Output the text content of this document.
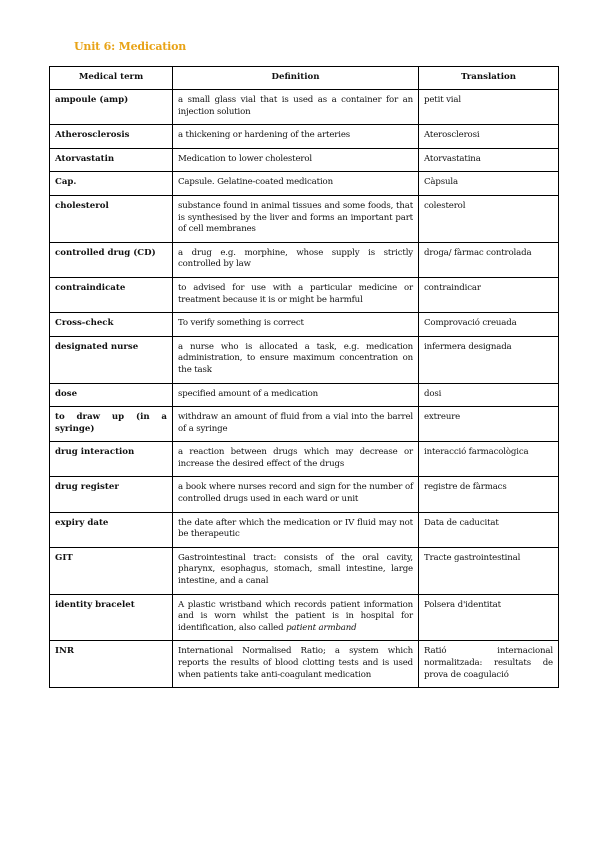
Unit 6: Medication
Medical term	Definition	Translation
ampoule (amp)	a small glass vial that is used as a container for an injection solution	petit vial
Atherosclerosis	a thickening or hardening of the arteries	Aterosclerosi
Atorvastatin	Medication to lower cholesterol	Atorvastatina
Cap.	Capsule. Gelatine-coated medication	Càpsula
cholesterol	substance found in animal tissues and some foods, that is synthesised by the liver and forms an important part of cell membranes	colesterol
controlled drug (CD)	a drug e.g. morphine, whose supply is strictly controlled by law	droga/ fàrmac controlada
contraindicate	to advised for use with a particular medicine or treatment because it is or might be harmful	contraindicar
Cross-check	To verify something is correct	Comprovació creuada
designated nurse	a nurse who is allocated a task, e.g. medication administration, to ensure maximum concentration on the task	infermera designada
dose	specified amount of a medication	dosi
to draw up (in a syringe)	withdraw an amount of fluid from a vial into the barrel of a syringe	extreure
drug interaction	a reaction between drugs which may decrease or increase the desired effect of the drugs	interacció farmacològica
drug register	a book where nurses record and sign for the number of controlled drugs used in each ward or unit	registre de fàrmacs
expiry date	the date after which the medication or IV fluid may not be therapeutic	Data de caducitat
GIT	Gastrointestinal tract: consists of the oral cavity, pharynx, esophagus, stomach, small intestine, large intestine, and a canal	Tracte gastrointestinal
identity bracelet	A plastic wristband which records patient information and is worn whilst the patient is in hospital for identification, also called patient armband	Polsera d'identitat
INR	International Normalised Ratio; a system which reports the results of blood clotting tests and is used when patients take anti-coagulant medication	Ratió internacional normalitzada: resultats de prova de coagulació
